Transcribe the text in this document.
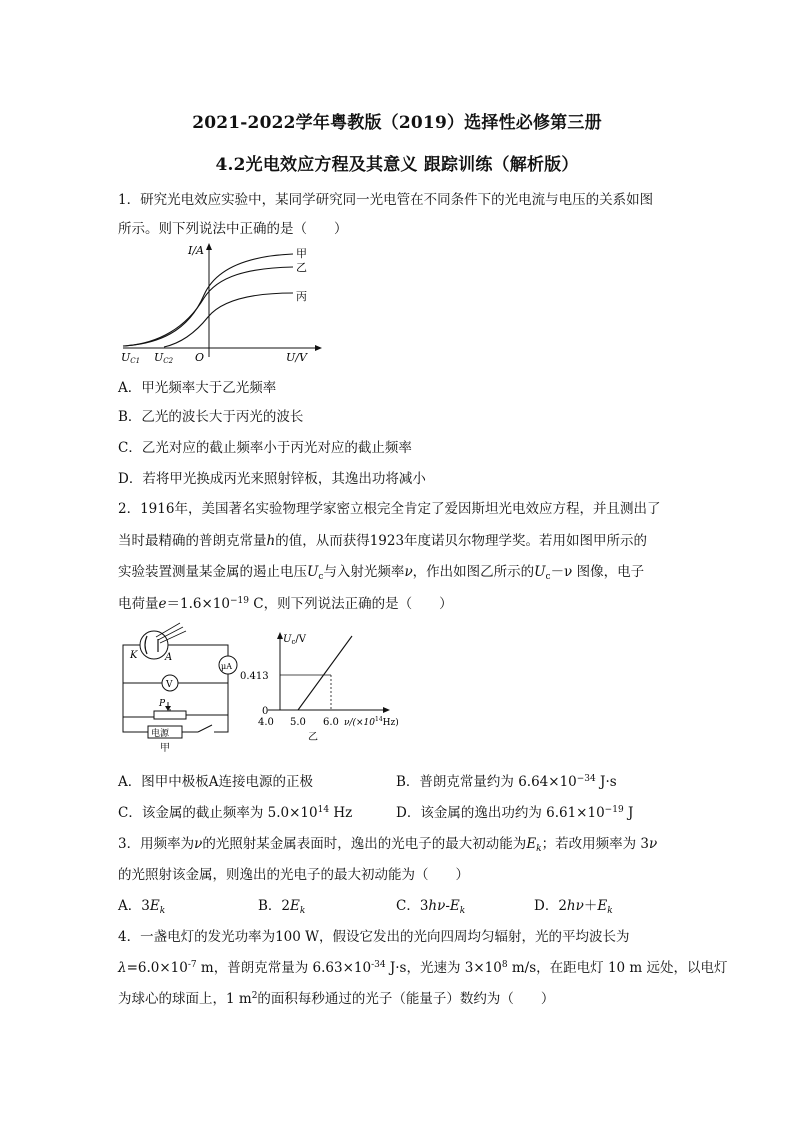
2021-2022学年粤教版（2019）选择性必修第三册
4.2光电效应方程及其意义 跟踪训练（解析版）
1．研究光电效应实验中，某同学研究同一光电管在不同条件下的光电流与电压的关系如图
所示。则下列说法中正确的是（　　）
I/A	甲
乙
丙
UC1 UC2 O	U/V
A．甲光频率大于乙光频率
B．乙光的波长大于丙光的波长
C．乙光对应的截止频率小于丙光对应的截止频率
D．若将甲光换成丙光来照射锌板，其逸出功将减小
2．1916年，美国著名实验物理学家密立根完全肯定了爱因斯坦光电效应方程，并且测出了
当时最精确的普朗克常量h的值，从而获得1923年度诺贝尔物理学奖。若用如图甲所示的
实验装置测量某金属的遏止电压$U_c$与入射光频率ν，作出如图乙所示的$U_c-\nu$ 图像，电子
电荷量$e=1.6\times 10^{-19}$ C，则下列说法正确的是（　　）
K	A
μA
V
P
电源
甲
$U_c/V$
0.413
0
4.0 5.0 6.0 $\nu/(\times 10^{14}Hz)$
乙
A．图甲中极板A连接电源的正极	B．普朗克常量约为 $6.64\times 10^{-34}$ J·s
C．该金属的截止频率为 $5.0\times 10^{14}$ Hz	D．该金属的逸出功约为 $6.61\times 10^{-19}$ J
3．用频率为ν的光照射某金属表面时，逸出的光电子的最大初动能为$E_k$；若改用频率为 3ν
的光照射该金属，则逸出的光电子的最大初动能为（　　）
A．$3E_k$	B．$2E_k$	C．$3h\nu-E_k$	D．$2h\nu+E_k$
4．一盏电灯的发光功率为100 W，假设它发出的光向四周均匀辐射，光的平均波长为
$\lambda=6.0\times 10^{-7}$ m，普朗克常量为 $6.63\times 10^{-34}$ J·s，光速为 $3\times 10^8$ m/s，在距电灯 10 m 远处，以电灯
为球心的球面上，1 $m^2$的面积每秒通过的光子（能量子）数约为（　　）
